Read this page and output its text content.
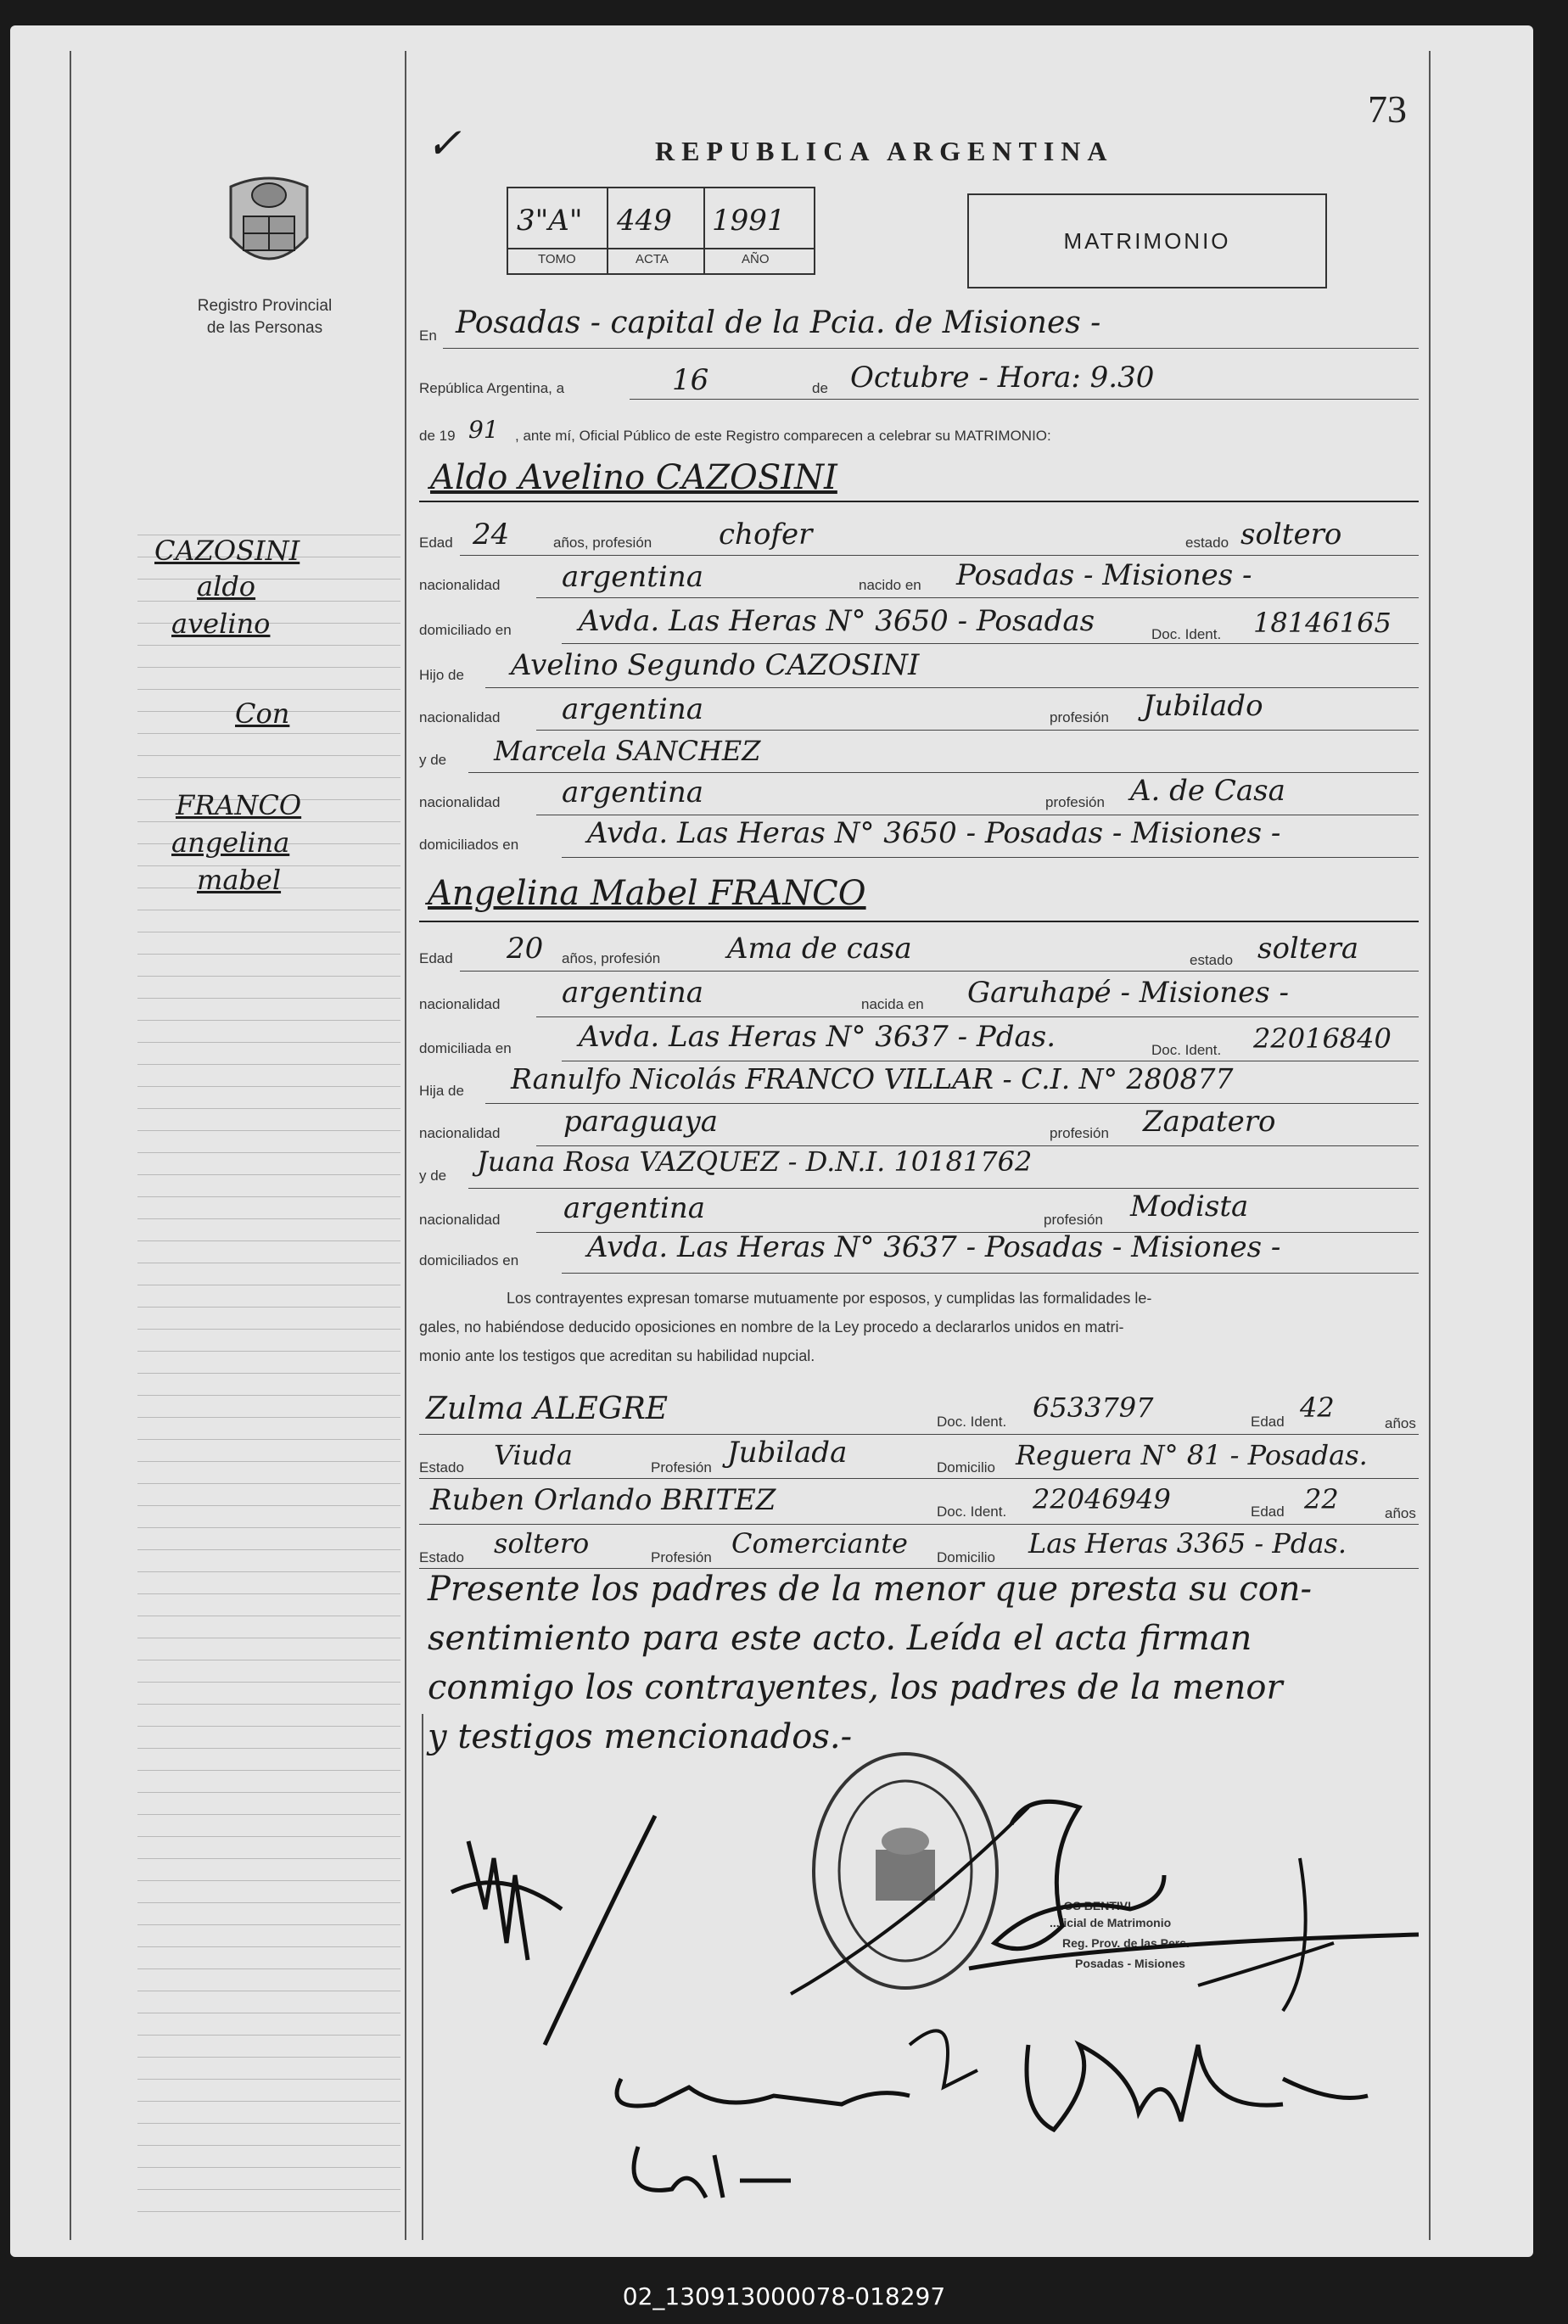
Registro Provincial
de las Personas
CAZOSINI
aldo
avelino
Con
FRANCO
angelina
mabel
73
REPUBLICA ARGENTINA
✓
3"A" 449 1991
TOMO	ACTA	AÑO
MATRIMONIO
En Posadas - capital de la Pcia. de Misiones -
República Argentina, a	16	de Octubre - Hora: 9.30
de 19 91 , ante mí, Oficial Público de este Registro comparecen a celebrar su MATRIMONIO:
Aldo Avelino CAZOSINI
Edad 24	años, profesión chofer	estado soltero
nacionalidad argentina	nacido en Posadas - Misiones -
domiciliado en Avda. Las Heras N° 3650 - Posadas	Doc. Ident. 18146165
Hijo de Avelino Segundo CAZOSINI
nacionalidad argentina	profesión Jubilado
y de Marcela SANCHEZ
nacionalidad argentina	profesión A. de Casa
domiciliados en Avda. Las Heras N° 3650 - Posadas - Misiones -
Angelina Mabel FRANCO
Edad 20 años, profesión Ama de casa	estado soltera
nacionalidad argentina	nacida en Garuhapé - Misiones -
domiciliada en Avda. Las Heras N° 3637 - Pdas.	Doc. Ident. 22016840
Hija de Ranulfo Nicolás FRANCO VILLAR - C.I. N° 280877
nacionalidad paraguaya	profesión Zapatero
y de Juana Rosa VAZQUEZ - D.N.I. 10181762
nacionalidad argentina	profesión Modista
domiciliados en Avda. Las Heras N° 3637 - Posadas - Misiones -
Los contrayentes expresan tomarse mutuamente por esposos, y cumplidas las formalidades le-
gales, no habiéndose deducido oposiciones en nombre de la Ley procedo a declararlos unidos en matri-
monio ante los testigos que acreditan su habilidad nupcial.
Zulma ALEGRE	Doc. Ident. 6533797	Edad 42	años
Estado Viuda	Profesión Jubilada	Domicilio Reguera N° 81 - Posadas.
Ruben Orlando BRITEZ	Doc. Ident. 22046949	Edad 22	años
Estado soltero	Profesión Comerciante Domicilio Las Heras 3365 - Pdas.
Presente los padres de la menor que presta su con-
sentimiento para este acto. Leída el acta firman
conmigo los contrayentes, los padres de la menor
y testigos mencionados.-
...OS BENTIVI
...ficial de Matrimonio
Reg. Prov. de las Pers.
Posadas - Misiones
02_130913000078-018297
